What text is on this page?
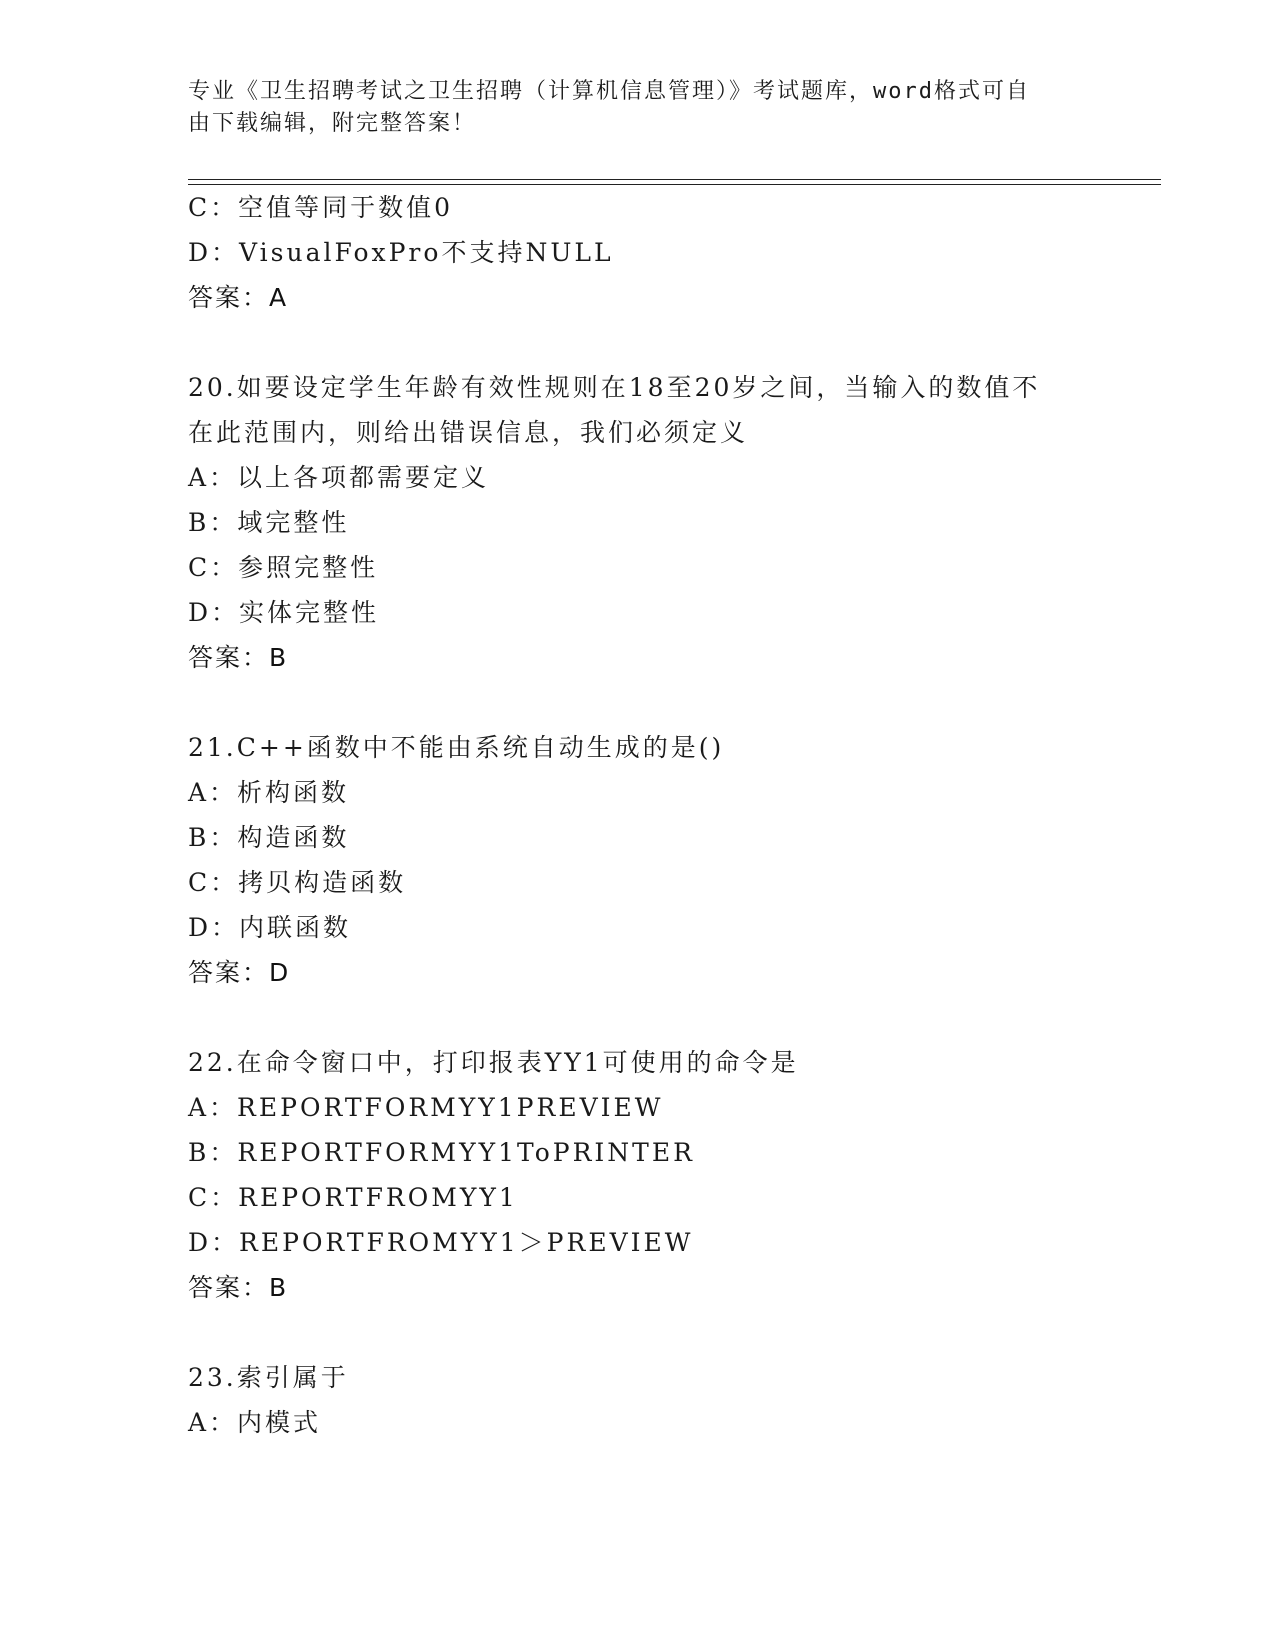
专业《卫生招聘考试之卫生招聘（计算机信息管理）》考试题库，word格式可自
由下载编辑，附完整答案！
C：空值等同于数值0
D：VisualFoxPro不支持NULL
答案：A
20.如要设定学生年龄有效性规则在18至20岁之间，当输入的数值不
在此范围内，则给出错误信息，我们必须定义
A：以上各项都需要定义
B：域完整性
C：参照完整性
D：实体完整性
答案：B
21.C++函数中不能由系统自动生成的是()
A：析构函数
B：构造函数
C：拷贝构造函数
D：内联函数
答案：D
22.在命令窗口中，打印报表YY1可使用的命令是
A：REPORTFORMYY1PREVIEW
B：REPORTFORMYY1ToPRINTER
C：REPORTFROMYY1
D：REPORTFROMYY1＞PREVIEW
答案：B
23.索引属于
A：内模式
